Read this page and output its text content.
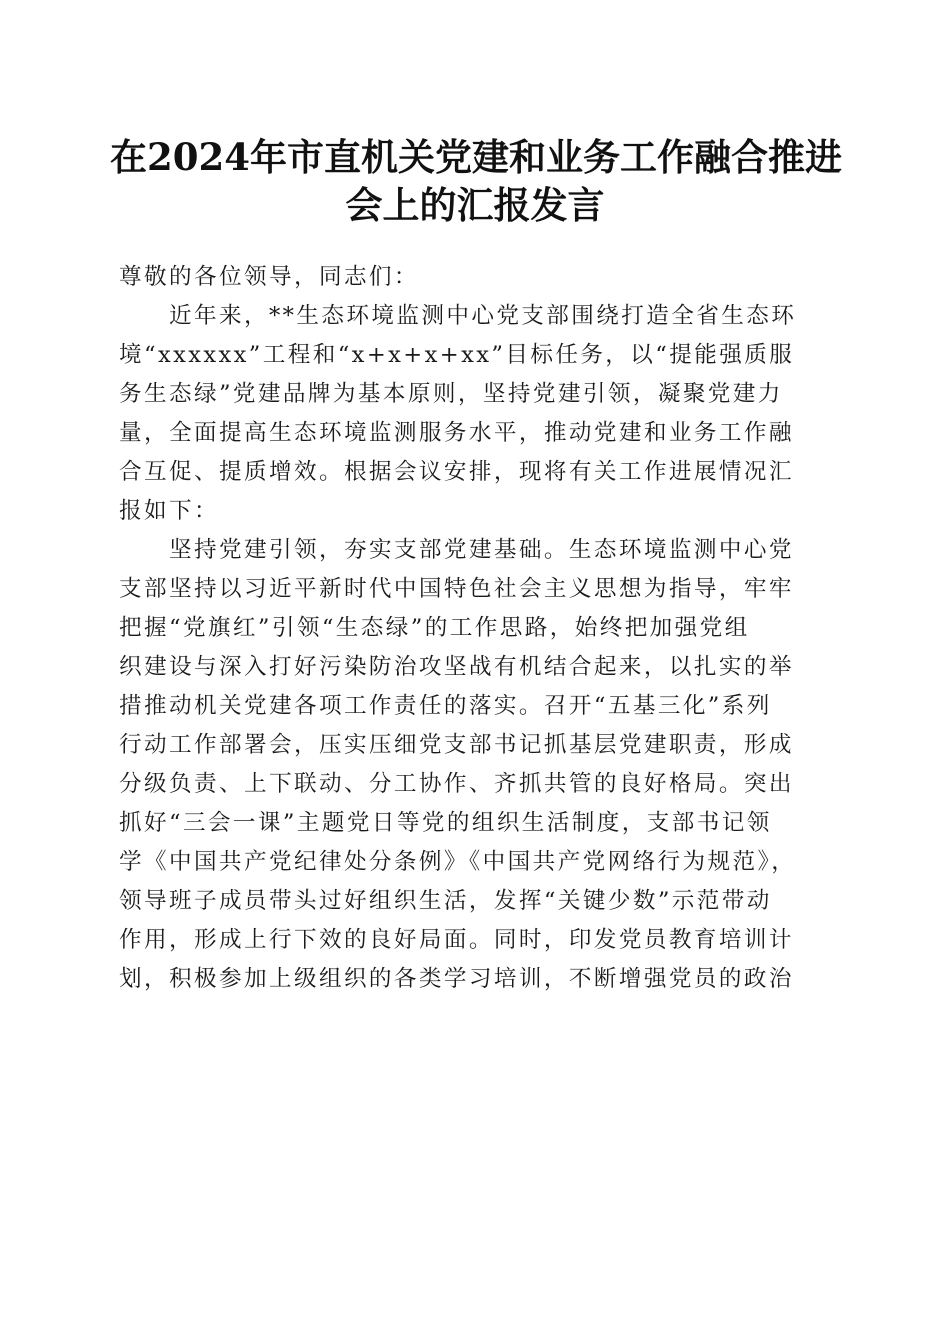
在2024年市直机关党建和业务工作融合推进
会上的汇报发言
尊敬的各位领导，同志们：
近年来，**生态环境监测中心党支部围绕打造全省生态环
境“xxxxxx”工程和“x+x+x+xx”目标任务，以“提能强质服
务生态绿”党建品牌为基本原则，坚持党建引领，凝聚党建力
量，全面提高生态环境监测服务水平，推动党建和业务工作融
合互促、提质增效。根据会议安排，现将有关工作进展情况汇
报如下：
坚持党建引领，夯实支部党建基础。生态环境监测中心党
支部坚持以习近平新时代中国特色社会主义思想为指导，牢牢
把握“党旗红”引领“生态绿”的工作思路，始终把加强党组
织建设与深入打好污染防治攻坚战有机结合起来，以扎实的举
措推动机关党建各项工作责任的落实。召开“五基三化”系列
行动工作部署会，压实压细党支部书记抓基层党建职责，形成
分级负责、上下联动、分工协作、齐抓共管的良好格局。突出
抓好“三会一课”主题党日等党的组织生活制度，支部书记领
学《中国共产党纪律处分条例》《中国共产党网络行为规范》，
领导班子成员带头过好组织生活，发挥“关键少数”示范带动
作用，形成上行下效的良好局面。同时，印发党员教育培训计
划，积极参加上级组织的各类学习培训，不断增强党员的政治
